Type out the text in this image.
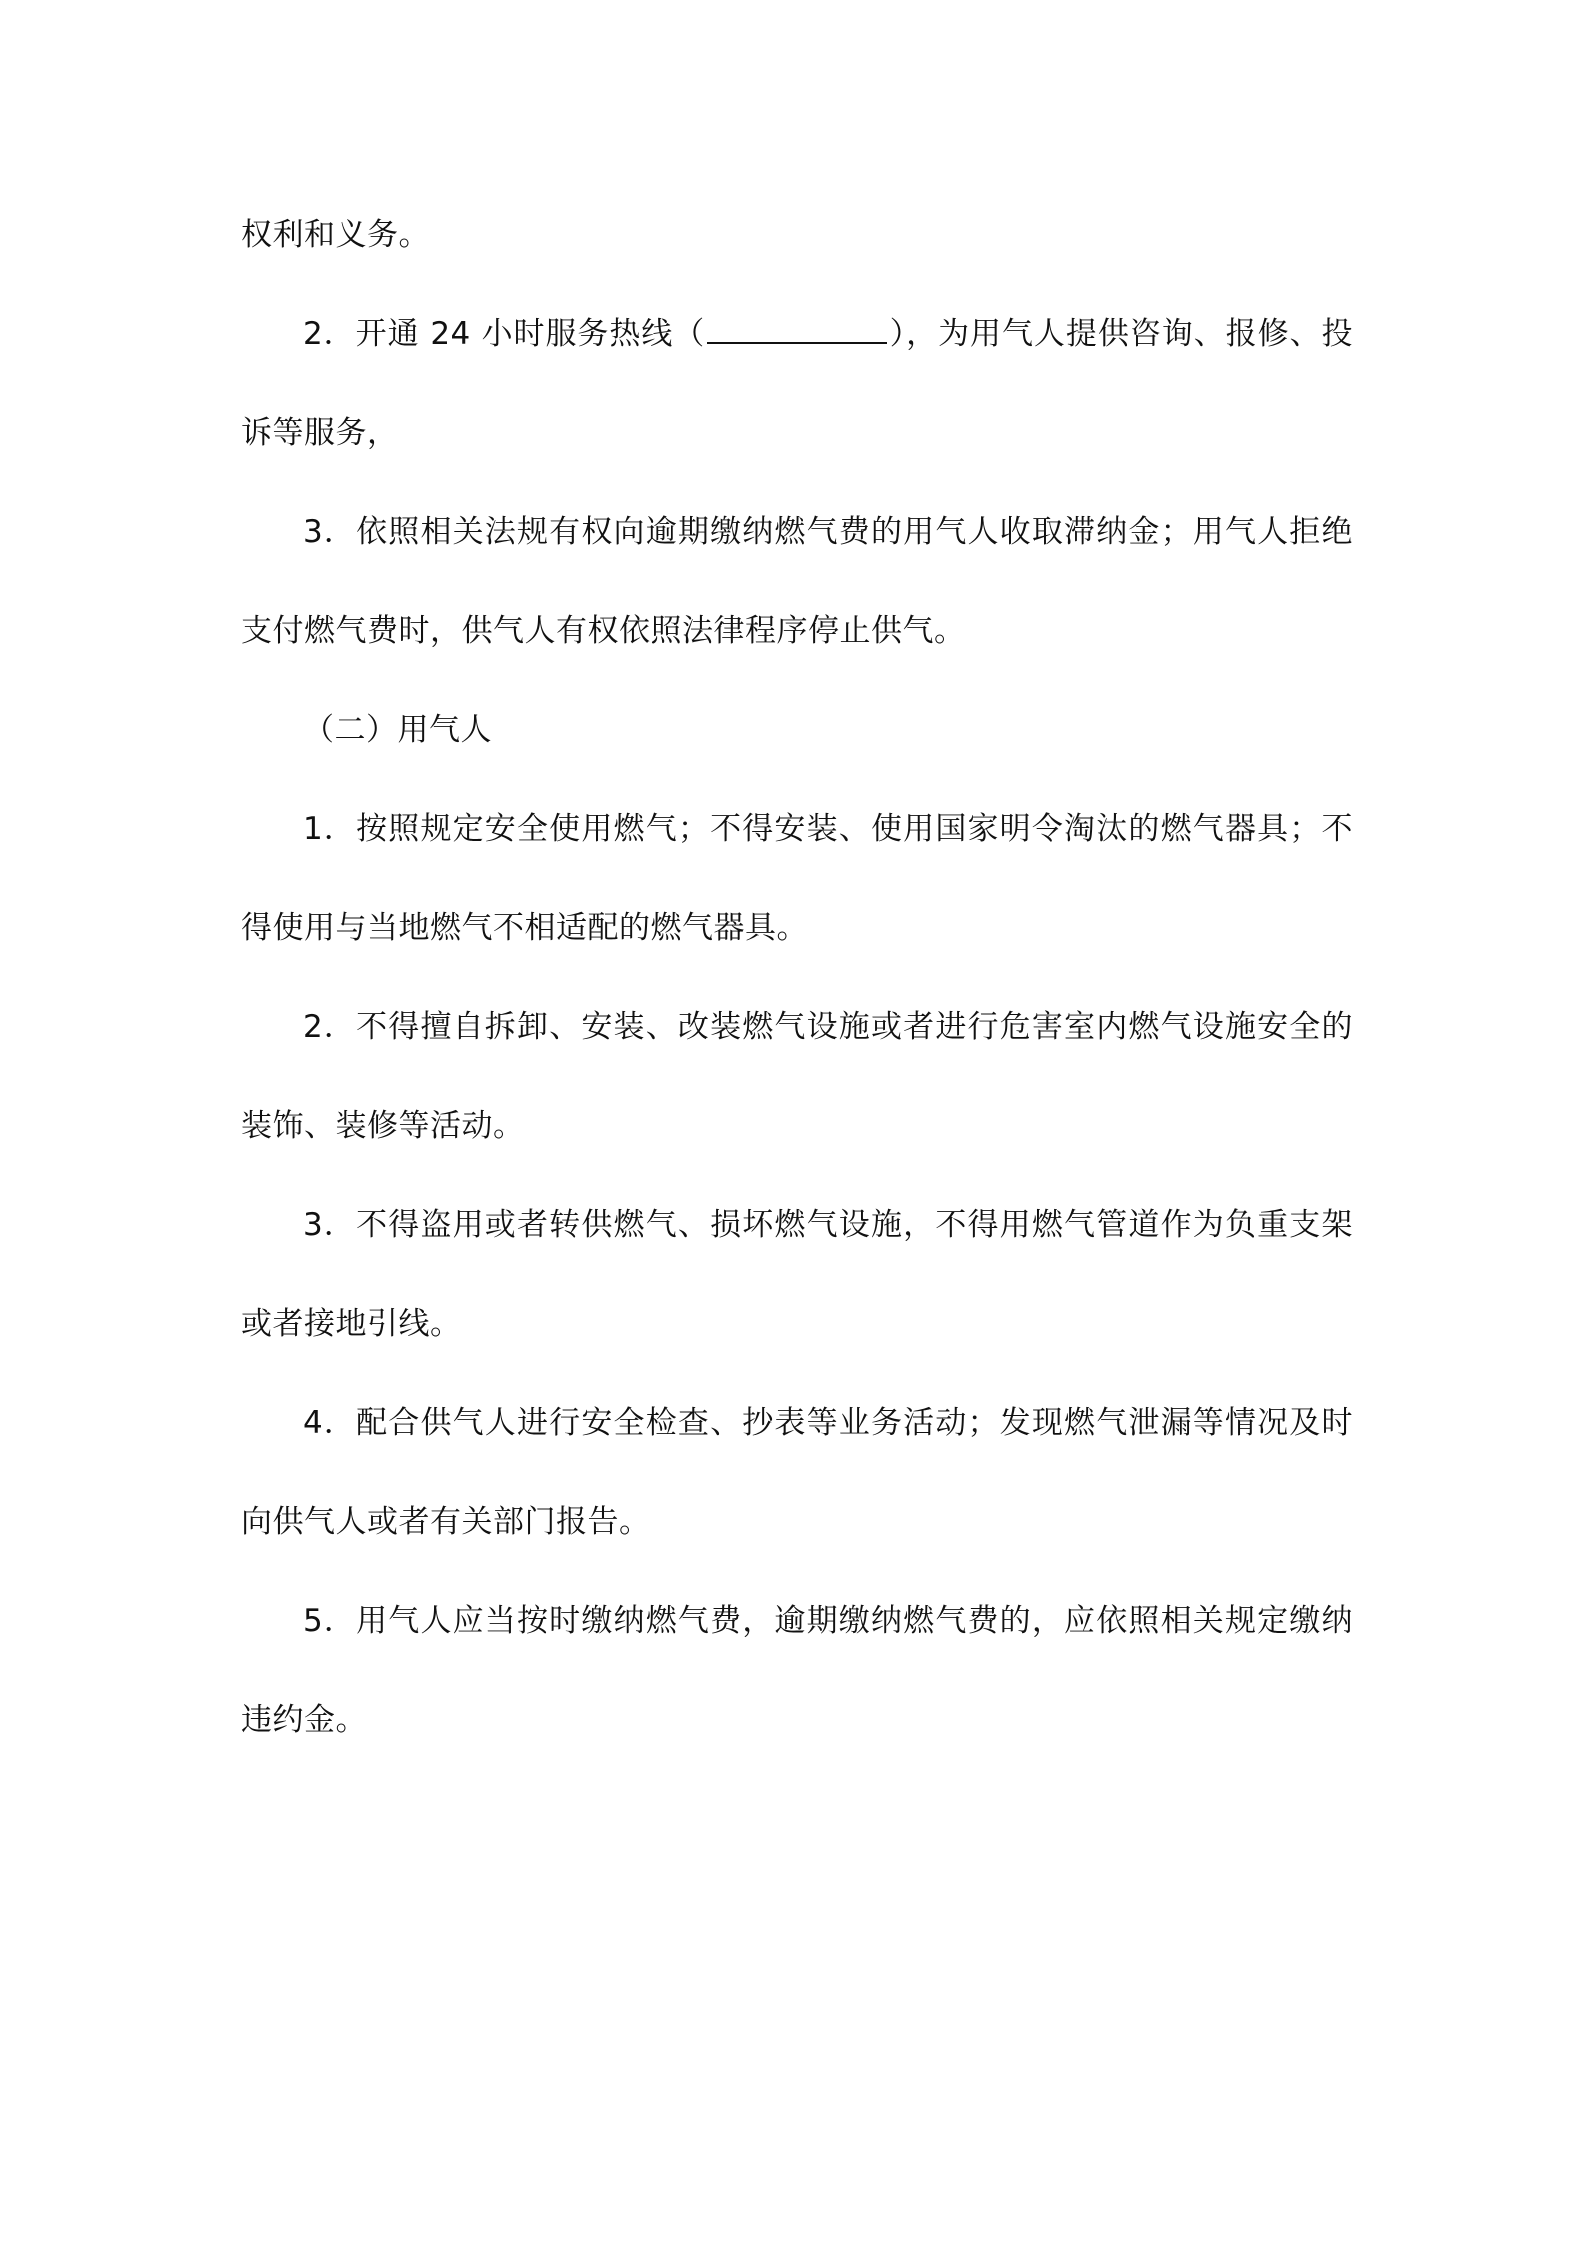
权利和义务。

2．开通 24 小时服务热线（	），为用气人提供咨询、报修、投诉等服务，

3．依照相关法规有权向逾期缴纳燃气费的用气人收取滞纳金；用气人拒绝支付燃气费时，供气人有权依照法律程序停止供气。

（二）用气人

1．按照规定安全使用燃气；不得安装、使用国家明令淘汰的燃气器具；不得使用与当地燃气不相适配的燃气器具。

2．不得擅自拆卸、安装、改装燃气设施或者进行危害室内燃气设施安全的装饰、装修等活动。

3．不得盗用或者转供燃气、损坏燃气设施，不得用燃气管道作为负重支架或者接地引线。

4．配合供气人进行安全检查、抄表等业务活动；发现燃气泄漏等情况及时向供气人或者有关部门报告。

5．用气人应当按时缴纳燃气费，逾期缴纳燃气费的，应依照相关规定缴纳违约金。
